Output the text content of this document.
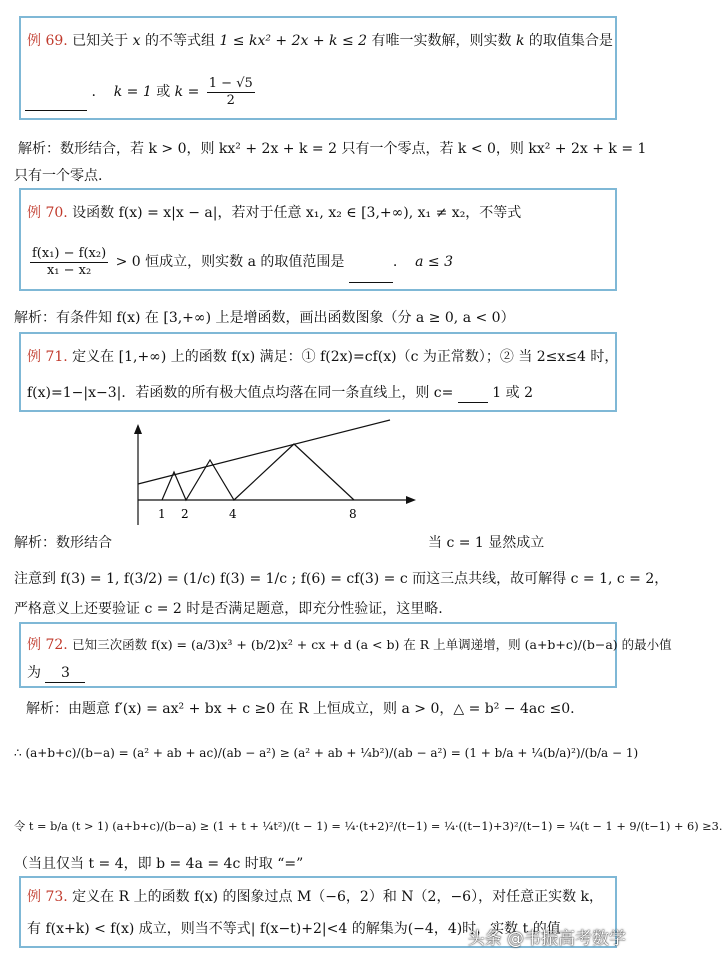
例 69. 已知关于 x 的不等式组 1 ≤ kx² + 2x + k ≤ 2 有唯一实数解，则实数 k 的取值集合是
. k = 1 或 $k = \frac{1 - √5}{2}$
解析：数形结合，若 k > 0，则 kx² + 2x + k = 2 只有一个零点，若 k < 0，则 kx² + 2x + k = 1
只有一个零点.
例 70. 设函数 f(x) = x|x − a|，若对于任意 x₁, x₂ ∈ [3,+∞), x₁ ≠ x₂，不等式
$\frac{\text{f(x₁) − f(x₂)}}{\text{x₁ − x₂}} > 0$ 恒成立，则实数 a 的取值范围是	.    a ≤ 3
解析：有条件知 f(x) 在 [3,+∞) 上是增函数，画出函数图象（分 a ≥ 0, a < 0）
例 71. 定义在 [1,+∞) 上的函数 f(x) 满足：① f(2x)=cf(x)（c 为正常数）；② 当 2≤x≤4 时，
f(x)=1−|x−3|．若函数的所有极大值点均落在同一条直线上，则 c=	1 或 2
1 2	4	8
解析：数形结合	当 c = 1 显然成立
注意到 f(3) = 1, f(3/2) = (1/c) f(3) = 1/c ; f(6) = cf(3) = c 而这三点共线，故可解得 c = 1, c = 2，
严格意义上还要验证 c = 2 时是否满足题意，即充分性验证，这里略.
例 72. 已知三次函数 f(x) = (a/3)x³ + (b/2)x² + cx + d (a < b) 在 R 上单调递增，则 (a+b+c)/(b−a) 的最小值
为 3
解析：由题意 f′(x) = ax² + bx + c ≥0 在 R 上恒成立，则 a > 0，△ = b² − 4ac ≤0.
∴ (a+b+c)/(b−a) = (a² + ab + ac)/(ab − a²) ≥ (a² + ab + ¼b²)/(ab − a²) = (1 + b/a + ¼(b/a)²)/(b/a − 1)
令 t = b/a (t > 1) (a+b+c)/(b−a) ≥ (1 + t + ¼t²)/(t − 1) = ¼·(t+2)²/(t−1) = ¼·((t−1)+3)²/(t−1) = ¼(t − 1 + 9/(t−1) + 6) ≥3.
（当且仅当 t = 4，即 b = 4a = 4c 时取 “=”
例 73. 定义在 R 上的函数 f(x) 的图象过点 M（−6，2）和 N（2，−6），对任意正实数 k，
有 f(x+k) < f(x) 成立，则当不等式| f(x−t)+2|<4 的解集为(−4，4)时，实数 t 的值
头条 @韦振高考数学
